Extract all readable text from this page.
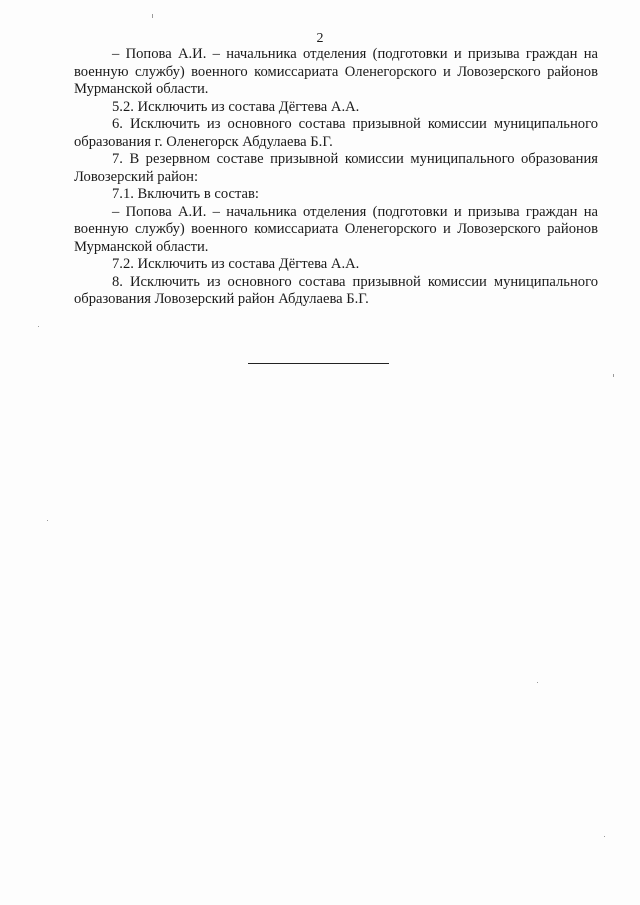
2

– Попова А.И. – начальника отделения (подготовки и призыва граждан на военную службу) военного комиссариата Оленегорского и Ловозерского районов Мурманской области.

5.2. Исключить из состава Дёгтева А.А.

6. Исключить из основного состава призывной комиссии муниципального образования г. Оленегорск Абдулаева Б.Г.

7. В резервном составе призывной комиссии муниципального образования Ловозерский район:

7.1. Включить в состав:

– Попова А.И. – начальника отделения (подготовки и призыва граждан на военную службу) военного комиссариата Оленегорского и Ловозерского районов Мурманской области.

7.2. Исключить из состава Дёгтева А.А.

8. Исключить из основного состава призывной комиссии муниципального образования Ловозерский район Абдулаева Б.Г.
